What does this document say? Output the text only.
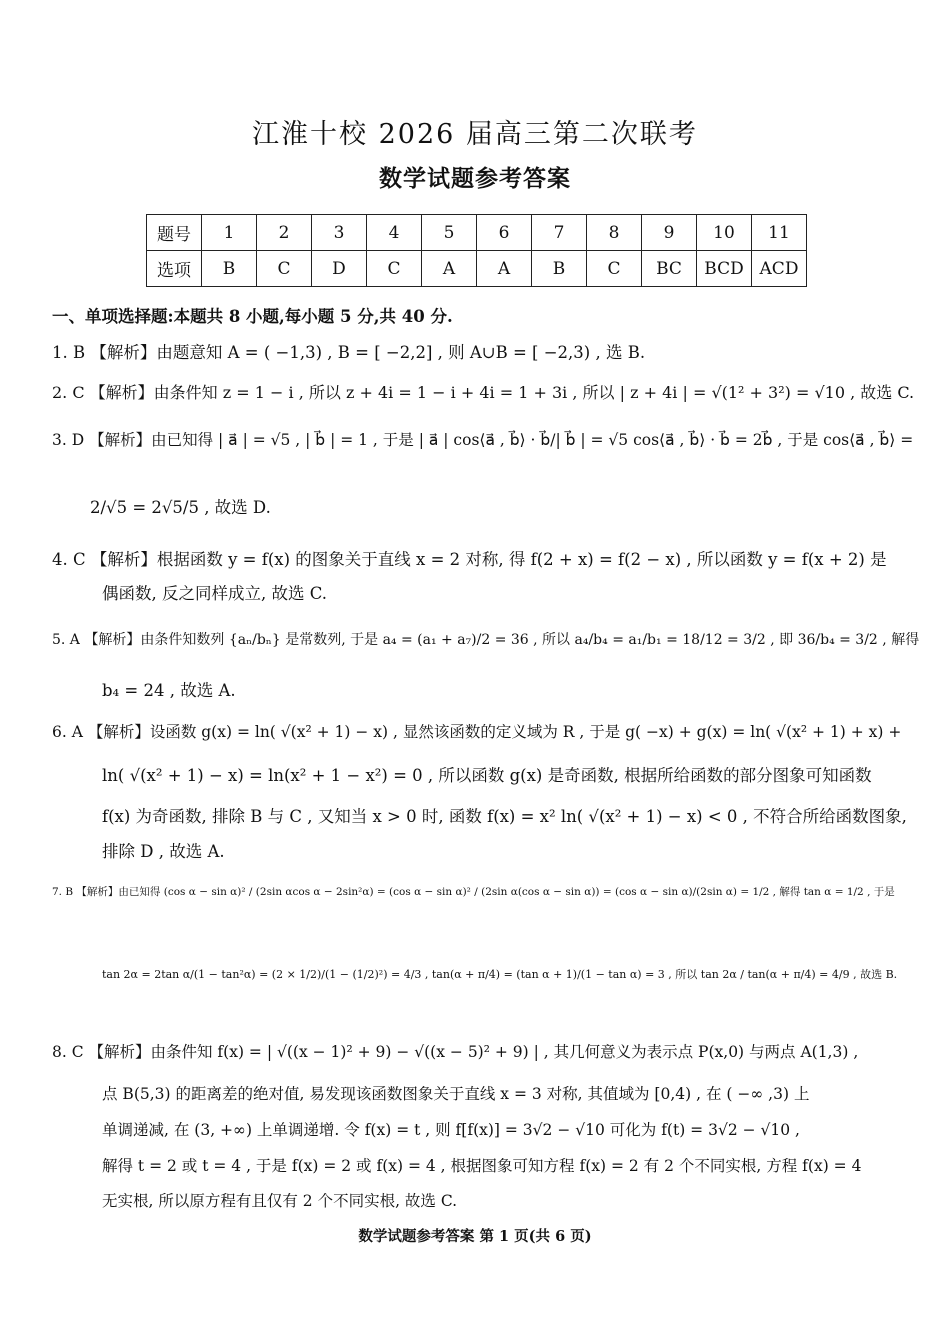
江淮十校 2026 届高三第二次联考
数学试题参考答案
题号	1	2	3	4	5	6	7	8	9	10	11
选项	B	C	D	C	A	A	B	C	BC	BCD	ACD
一、单项选择题:本题共 8 小题,每小题 5 分,共 40 分.
1. B 【解析】由题意知 A = ( −1,3) , B = [ −2,2] , 则 A∪B = [ −2,3) , 选 B.
2. C 【解析】由条件知 z = 1 − i , 所以 z + 4i = 1 − i + 4i = 1 + 3i , 所以 | z + 4i | = √(1² + 3²) = √10 , 故选 C.
3. D 【解析】由已知得 | a⃗ | = √5 , | b⃗ | = 1 , 于是 | a⃗ | cos⟨a⃗ , b⃗⟩ · b⃗/| b⃗ | = √5 cos⟨a⃗ , b⃗⟩ · b⃗ = 2b⃗ , 于是 cos⟨a⃗ , b⃗⟩ =
2/√5 = 2√5/5 , 故选 D.
4. C 【解析】根据函数 y = f(x) 的图象关于直线 x = 2 对称, 得 f(2 + x) = f(2 − x) , 所以函数 y = f(x + 2) 是
偶函数, 反之同样成立, 故选 C.
5. A 【解析】由条件知数列 {aₙ/bₙ} 是常数列, 于是 a₄ = (a₁ + a₇)/2 = 36 , 所以 a₄/b₄ = a₁/b₁ = 18/12 = 3/2 , 即 36/b₄ = 3/2 , 解得
b₄ = 24 , 故选 A.
6. A 【解析】设函数 g(x) = ln( √(x² + 1) − x) , 显然该函数的定义域为 R , 于是 g( −x) + g(x) = ln( √(x² + 1) + x) +
ln( √(x² + 1) − x) = ln(x² + 1 − x²) = 0 , 所以函数 g(x) 是奇函数, 根据所给函数的部分图象可知函数
f(x) 为奇函数, 排除 B 与 C , 又知当 x > 0 时, 函数 f(x) = x² ln( √(x² + 1) − x) < 0 , 不符合所给函数图象,
排除 D , 故选 A.
7. B 【解析】由已知得 (cos α − sin α)² / (2sin αcos α − 2sin²α) = (cos α − sin α)² / (2sin α(cos α − sin α)) = (cos α − sin α)/(2sin α) = 1/2 , 解得 tan α = 1/2 , 于是
tan 2α = 2tan α/(1 − tan²α) = (2 × 1/2)/(1 − (1/2)²) = 4/3 , tan(α + π/4) = (tan α + 1)/(1 − tan α) = 3 , 所以 tan 2α / tan(α + π/4) = 4/9 , 故选 B.
8. C 【解析】由条件知 f(x) = | √((x − 1)² + 9) − √((x − 5)² + 9) | , 其几何意义为表示点 P(x,0) 与两点 A(1,3) ,
点 B(5,3) 的距离差的绝对值, 易发现该函数图象关于直线 x = 3 对称, 其值域为 [0,4) , 在 ( −∞ ,3) 上
单调递减, 在 (3, +∞) 上单调递增. 令 f(x) = t , 则 f[f(x)] = 3√2 − √10 可化为 f(t) = 3√2 − √10 ,
解得 t = 2 或 t = 4 , 于是 f(x) = 2 或 f(x) = 4 , 根据图象可知方程 f(x) = 2 有 2 个不同实根, 方程 f(x) = 4
无实根, 所以原方程有且仅有 2 个不同实根, 故选 C.
数学试题参考答案 第 1 页(共 6 页)
